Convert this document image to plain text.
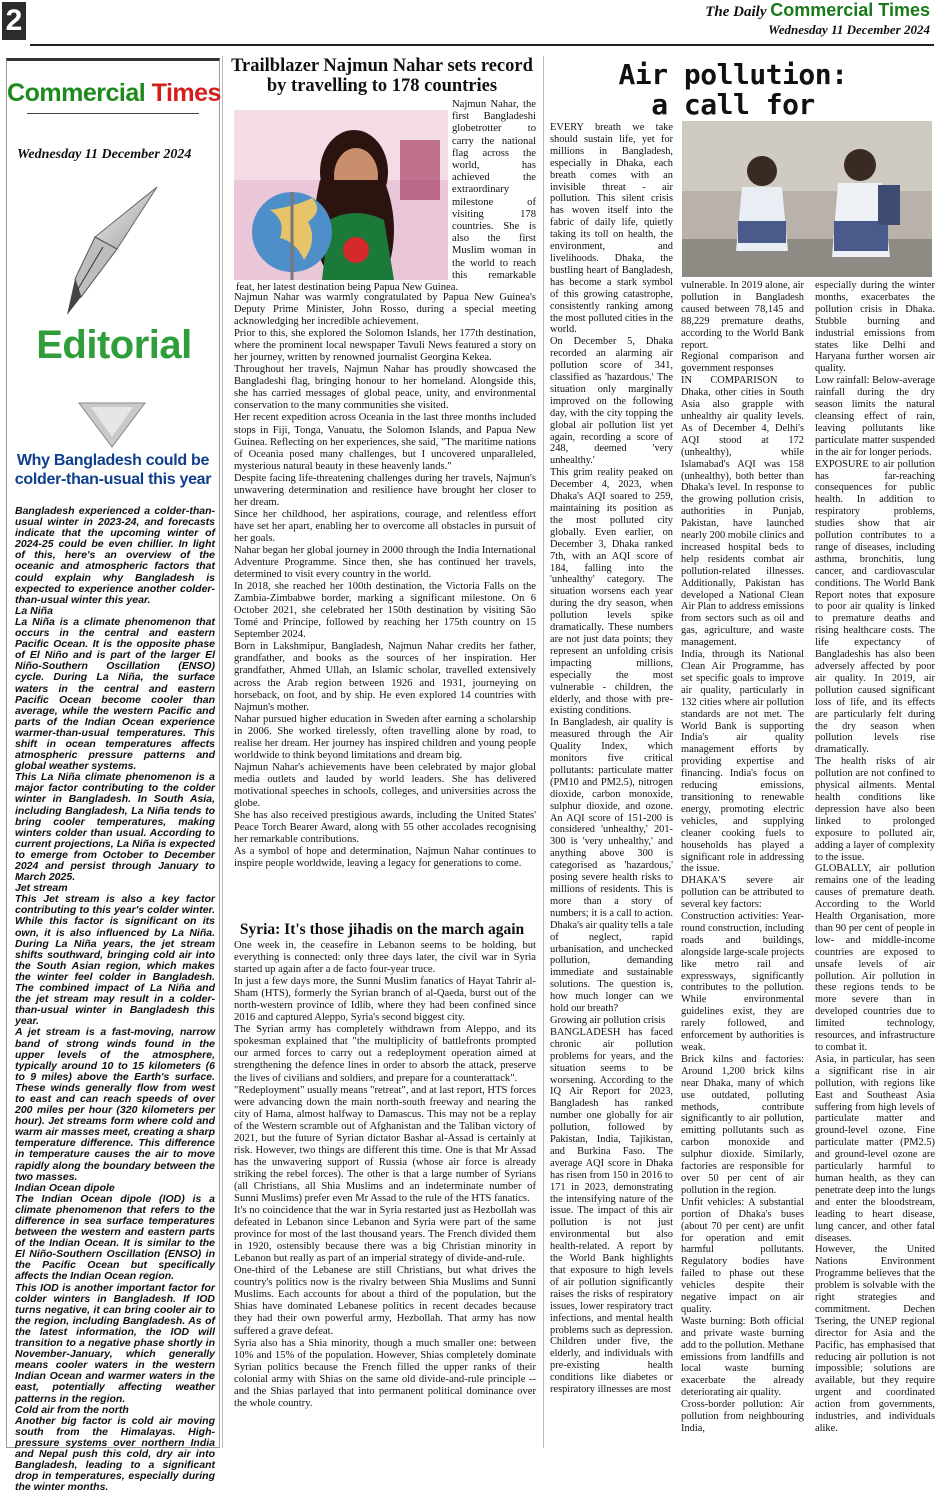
2	The Daily Commercial Times
Wednesday 11 December 2024
Commercial Times
Wednesday 11 December 2024
Editorial
Why Bangladesh could be colder-than-usual this year

Bangladesh experienced a colder-than-usual winter in 2023-24, and forecasts indicate that the upcoming winter of 2024-25 could be even chillier. In light of this, here's an overview of the oceanic and atmospheric factors that could explain why Bangladesh is expected to experience another colder-than-usual winter this year.

La Niña

La Niña is a climate phenomenon that occurs in the central and eastern Pacific Ocean. It is the opposite phase of El Niño and is part of the larger El Niño-Southern Oscillation (ENSO) cycle. During La Niña, the surface waters in the central and eastern Pacific Ocean become cooler than average, while the western Pacific and parts of the Indian Ocean experience warmer-than-usual temperatures. This shift in ocean temperatures affects atmospheric pressure patterns and global weather systems.

This La Niña climate phenomenon is a major factor contributing to the colder winter in Bangladesh. In South Asia, including Bangladesh, La Niña tends to bring cooler temperatures, making winters colder than usual. According to current projections, La Niña is expected to emerge from October to December 2024 and persist through January to March 2025.

Jet stream

This Jet stream is also a key factor contributing to this year's colder winter. While this factor is significant on its own, it is also influenced by La Niña. During La Niña years, the jet stream shifts southward, bringing cold air into the South Asian region, which makes the winter feel colder in Bangladesh. The combined impact of La Niña and the jet stream may result in a colder-than-usual winter in Bangladesh this year.

A jet stream is a fast-moving, narrow band of strong winds found in the upper levels of the atmosphere, typically around 10 to 15 kilometers (6 to 9 miles) above the Earth's surface. These winds generally flow from west to east and can reach speeds of over 200 miles per hour (320 kilometers per hour). Jet streams form where cold and warm air masses meet, creating a sharp temperature difference. This difference in temperature causes the air to move rapidly along the boundary between the two masses.

Indian Ocean dipole

The Indian Ocean dipole (IOD) is a climate phenomenon that refers to the difference in sea surface temperatures between the western and eastern parts of the Indian Ocean. It is similar to the El Niño-Southern Oscillation (ENSO) in the Pacific Ocean but specifically affects the Indian Ocean region.

This IOD is another important factor for colder winters in Bangladesh. If IOD turns negative, it can bring cooler air to the region, including Bangladesh. As of the latest information, the IOD will transition to a negative phase shortly in November-January, which generally means cooler waters in the western Indian Ocean and warmer waters in the east, potentially affecting weather patterns in the region.

Cold air from the north

Another big factor is cold air moving south from the Himalayas. High-pressure systems over northern India and Nepal push this cold, dry air into Bangladesh, leading to a significant drop in temperatures, especially during the winter months.

Trailblazer Najmun Nahar sets record by travelling to 178 countries
Najmun Nahar, the first Bangladeshi globetrotter to carry the national flag across the world, has achieved the extraordinary milestone of visiting 178 countries. She is also the first Muslim woman in the world to reach this remarkable feat, her latest destination being Papua New Guinea.

Najmun Nahar was warmly congratulated by Papua New Guinea's Deputy Prime Minister, John Rosso, during a special meeting acknowledging her incredible achievement.

Prior to this, she explored the Solomon Islands, her 177th destination, where the prominent local newspaper Tavuli News featured a story on her journey, written by renowned journalist Georgina Kekea.

Throughout her travels, Najmun Nahar has proudly showcased the Bangladeshi flag, bringing honour to her homeland. Alongside this, she has carried messages of global peace, unity, and environmental conservation to the many communities she visited.

Her recent expedition across Oceania in the last three months included stops in Fiji, Tonga, Vanuatu, the Solomon Islands, and Papua New Guinea. Reflecting on her experiences, she said, "The maritime nations of Oceania posed many challenges, but I uncovered unparalleled, mysterious natural beauty in these heavenly lands."

Despite facing life-threatening challenges during her travels, Najmun's unwavering determination and resilience have brought her closer to her dream.

Since her childhood, her aspirations, courage, and relentless effort have set her apart, enabling her to overcome all obstacles in pursuit of her goals.

Nahar began her global journey in 2000 through the India International Adventure Programme. Since then, she has continued her travels, determined to visit every country in the world.

In 2018, she reached her 100th destination, the Victoria Falls on the Zambia-Zimbabwe border, marking a significant milestone. On 6 October 2021, she celebrated her 150th destination by visiting São Tomé and Príncipe, followed by reaching her 175th country on 15 September 2024.

Born in Lakshmipur, Bangladesh, Najmun Nahar credits her father, grandfather, and books as the sources of her inspiration. Her grandfather, Ahmed Ullah, an Islamic scholar, travelled extensively across the Arab region between 1926 and 1931, journeying on horseback, on foot, and by ship. He even explored 14 countries with Najmun's mother.

Nahar pursued higher education in Sweden after earning a scholarship in 2006. She worked tirelessly, often travelling alone by road, to realise her dream. Her journey has inspired children and young people worldwide to think beyond limitations and dream big.

Najmun Nahar's achievements have been celebrated by major global media outlets and lauded by world leaders. She has delivered motivational speeches in schools, colleges, and universities across the globe.

She has also received prestigious awards, including the United States' Peace Torch Bearer Award, along with 55 other accolades recognising her remarkable contributions.

As a symbol of hope and determination, Najmun Nahar continues to inspire people worldwide, leaving a legacy for generations to come.

Syria: It's those jihadis on the march again

One week in, the ceasefire in Lebanon seems to be holding, but everything is connected: only three days later, the civil war in Syria started up again after a de facto four-year truce.

In just a few days more, the Sunni Muslim fanatics of Hayat Tahrir al-Sham (HTS), formerly the Syrian branch of al-Qaeda, burst out of the north-western province of Idlib, where they had been confined since 2016 and captured Aleppo, Syria's second biggest city.

The Syrian army has completely withdrawn from Aleppo, and its spokesman explained that "the multiplicity of battlefronts prompted our armed forces to carry out a redeployment operation aimed at strengthening the defence lines in order to absorb the attack, preserve the lives of civilians and soldiers, and prepare for a counterattack".

"Redeployment" usually means "retreat", and at last report, HTS forces were advancing down the main north-south freeway and nearing the city of Hama, almost halfway to Damascus. This may not be a replay of the Western scramble out of Afghanistan and the Taliban victory of 2021, but the future of Syrian dictator Bashar al-Assad is certainly at risk. However, two things are different this time. One is that Mr Assad has the unwavering support of Russia (whose air force is already striking the rebel forces). The other is that a large number of Syrians (all Christians, all Shia Muslims and an indeterminate number of Sunni Muslims) prefer even Mr Assad to the rule of the HTS fanatics.

It's no coincidence that the war in Syria restarted just as Hezbollah was defeated in Lebanon since Lebanon and Syria were part of the same province for most of the last thousand years. The French divided them in 1920, ostensibly because there was a big Christian minority in Lebanon but really as part of an imperial strategy of divide-and-rule.

One-third of the Lebanese are still Christians, but what drives the country's politics now is the rivalry between Shia Muslims and Sunni Muslims. Each accounts for about a third of the population, but the Shias have dominated Lebanese politics in recent decades because they had their own powerful army, Hezbollah. That army has now suffered a grave defeat.

Syria also has a Shia minority, though a much smaller one: between 10% and 15% of the population. However, Shias completely dominate Syrian politics because the French filled the upper ranks of their colonial army with Shias on the same old divide-and-rule principle -- and the Shias parlayed that into permanent political dominance over the whole country.

Air pollution:
a call for

EVERY breath we take should sustain life, yet for millions in Bangladesh, especially in Dhaka, each breath comes with an invisible threat - air pollution. This silent crisis has woven itself into the fabric of daily life, quietly taking its toll on health, the environment, and livelihoods. Dhaka, the bustling heart of Bangladesh, has become a stark symbol of this growing catastrophe, consistently ranking among the most polluted cities in the world.

On December 5, Dhaka recorded an alarming air pollution score of 341, classified as 'hazardous.' The situation only marginally improved on the following day, with the city topping the global air pollution list yet again, recording a score of 248, deemed 'very unhealthy.'

This grim reality peaked on December 4, 2023, when Dhaka's AQI soared to 259, maintaining its position as the most polluted city globally. Even earlier, on December 3, Dhaka ranked 7th, with an AQI score of 184, falling into the 'unhealthy' category. The situation worsens each year during the dry season, when pollution levels spike dramatically. These numbers are not just data points; they represent an unfolding crisis impacting millions, especially the most vulnerable - children, the elderly, and those with pre-existing conditions.

In Bangladesh, air quality is measured through the Air Quality Index, which monitors five critical pollutants: particulate matter (PM10 and PM2.5), nitrogen dioxide, carbon monoxide, sulphur dioxide, and ozone. An AQI score of 151-200 is considered 'unhealthy,' 201-300 is 'very unhealthy,' and anything above 300 is categorised as 'hazardous,' posing severe health risks to millions of residents. This is more than a story of numbers; it is a call to action. Dhaka's air quality tells a tale of neglect, rapid urbanisation, and unchecked pollution, demanding immediate and sustainable solutions. The question is, how much longer can we hold our breath?

Growing air pollution crisis

BANGLADESH has faced chronic air pollution problems for years, and the situation seems to be worsening. According to the IQ Air Report for 2023, Bangladesh has ranked number one globally for air pollution, followed by Pakistan, India, Tajikistan, and Burkina Faso. The average AQI score in Dhaka has risen from 150 in 2016 to 171 in 2023, demonstrating the intensifying nature of the issue. The impact of this air pollution is not just environmental but also health-related. A report by the World Bank highlights that exposure to high levels of air pollution significantly raises the risks of respiratory issues, lower respiratory tract infections, and mental health problems such as depression. Children under five, the elderly, and individuals with pre-existing health conditions like diabetes or respiratory illnesses are most

vulnerable. In 2019 alone, air pollution in Bangladesh caused between 78,145 and 88,229 premature deaths, according to the World Bank report.

Regional comparison and government responses

IN COMPARISON to Dhaka, other cities in South Asia also grapple with unhealthy air quality levels. As of December 4, Delhi's AQI stood at 172 (unhealthy), while Islamabad's AQI was 158 (unhealthy), both better than Dhaka's level. In response to the growing pollution crisis, authorities in Punjab, Pakistan, have launched nearly 200 mobile clinics and increased hospital beds to help residents combat air pollution-related illnesses. Additionally, Pakistan has developed a National Clean Air Plan to address emissions from sectors such as oil and gas, agriculture, and waste management.

India, through its National Clean Air Programme, has set specific goals to improve air quality, particularly in 132 cities where air pollution standards are not met. The World Bank is supporting India's air quality management efforts by providing expertise and financing. India's focus on reducing emissions, transitioning to renewable energy, promoting electric vehicles, and supplying cleaner cooking fuels to households has played a significant role in addressing the issue.

DHAKA'S severe air pollution can be attributed to several key factors:

Construction activities: Year-round construction, including roads and buildings, alongside large-scale projects like metro rail and expressways, significantly contributes to the pollution. While environmental guidelines exist, they are rarely followed, and enforcement by authorities is weak.

Brick kilns and factories: Around 1,200 brick kilns near Dhaka, many of which use outdated, polluting methods, contribute significantly to air pollution, emitting pollutants such as carbon monoxide and sulphur dioxide. Similarly, factories are responsible for over 50 per cent of air pollution in the region.

Unfit vehicles: A substantial portion of Dhaka's buses (about 70 per cent) are unfit for operation and emit harmful pollutants. Regulatory bodies have failed to phase out these vehicles despite their negative impact on air quality.

Waste burning: Both official and private waste burning add to the pollution. Methane emissions from landfills and local waste burning exacerbate the already deteriorating air quality.

Cross-border pollution: Air pollution from neighbouring India,

especially during the winter months, exacerbates the pollution crisis in Dhaka. Stubble burning and industrial emissions from states like Delhi and Haryana further worsen air quality.

Low rainfall: Below-average rainfall during the dry season limits the natural cleansing effect of rain, leaving pollutants like particulate matter suspended in the air for longer periods.

EXPOSURE to air pollution has far-reaching consequences for public health. In addition to respiratory problems, studies show that air pollution contributes to a range of diseases, including asthma, bronchitis, lung cancer, and cardiovascular conditions. The World Bank Report notes that exposure to poor air quality is linked to premature deaths and rising healthcare costs. The life expectancy of Bangladeshis has also been adversely affected by poor air quality. In 2019, air pollution caused significant loss of life, and its effects are particularly felt during the dry season when pollution levels rise dramatically.

The health risks of air pollution are not confined to physical ailments. Mental health conditions like depression have also been linked to prolonged exposure to polluted air, adding a layer of complexity to the issue.

GLOBALLY, air pollution remains one of the leading causes of premature death. According to the World Health Organisation, more than 90 per cent of people in low- and middle-income countries are exposed to unsafe levels of air pollution. Air pollution in these regions tends to be more severe than in developed countries due to limited technology, resources, and infrastructure to combat it.

Asia, in particular, has seen a significant rise in air pollution, with regions like East and Southeast Asia suffering from high levels of particulate matter and ground-level ozone. Fine particulate matter (PM2.5) and ground-level ozone are particularly harmful to human health, as they can penetrate deep into the lungs and enter the bloodstream, leading to heart disease, lung cancer, and other fatal diseases.

However, the United Nations Environment Programme believes that the problem is solvable with the right strategies and commitment. Dechen Tsering, the UNEP regional director for Asia and the Pacific, has emphasised that reducing air pollution is not impossible; solutions are available, but they require urgent and coordinated action from governments, industries, and individuals alike.
